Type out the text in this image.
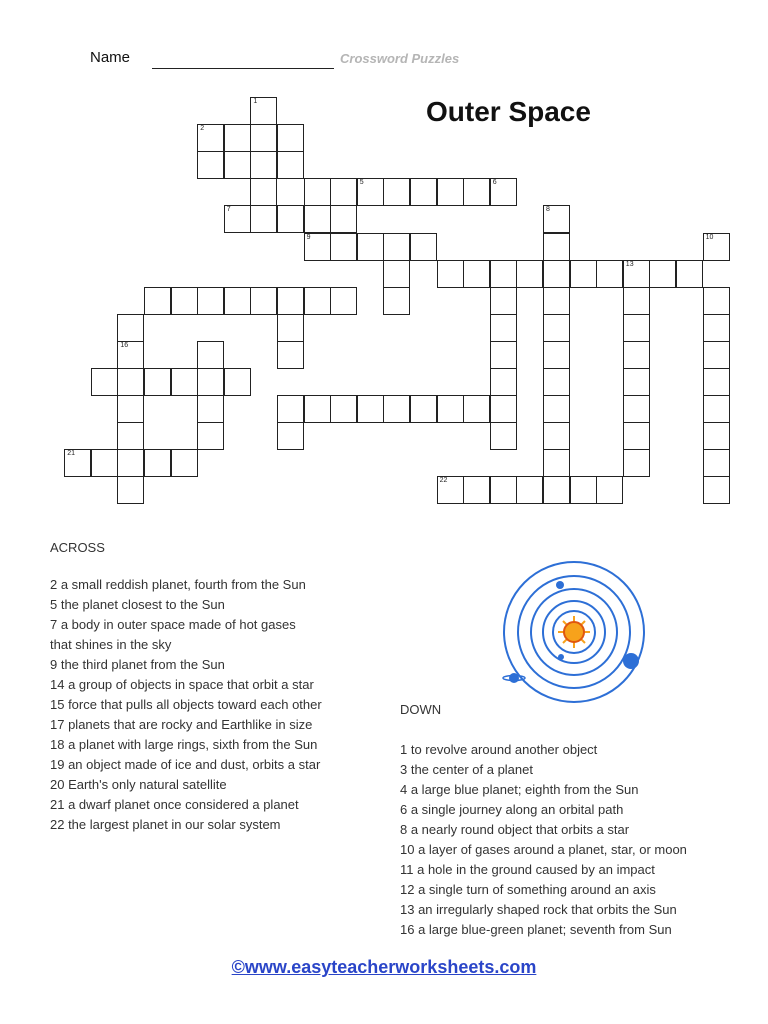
Name	Crossword Puzzles
Outer Space
1
2
5	6
7
9
13
21
22
16
8
10
ACROSS
2 a small reddish planet, fourth from the Sun
5 the planet closest to the Sun
7 a body in outer space made of hot gases
that shines in the sky
9 the third planet from the Sun
14 a group of objects in space that orbit a star
15 force that pulls all objects toward each other
17 planets that are rocky and Earthlike in size
18 a planet with large rings, sixth from the Sun
19 an object made of ice and dust, orbits a star
20 Earth's only natural satellite
21 a dwarf planet once considered a planet
22 the largest planet in our solar system
DOWN
1 to revolve around another object
3 the center of a planet
4 a large blue planet; eighth from the Sun
6 a single journey along an orbital path
8 a nearly round object that orbits a star
10 a layer of gases around a planet, star, or moon
11 a hole in the ground caused by an impact
12 a single turn of something around an axis
13 an irregularly shaped rock that orbits the Sun
16 a large blue-green planet; seventh from Sun
©www.easyteacherworksheets.com
